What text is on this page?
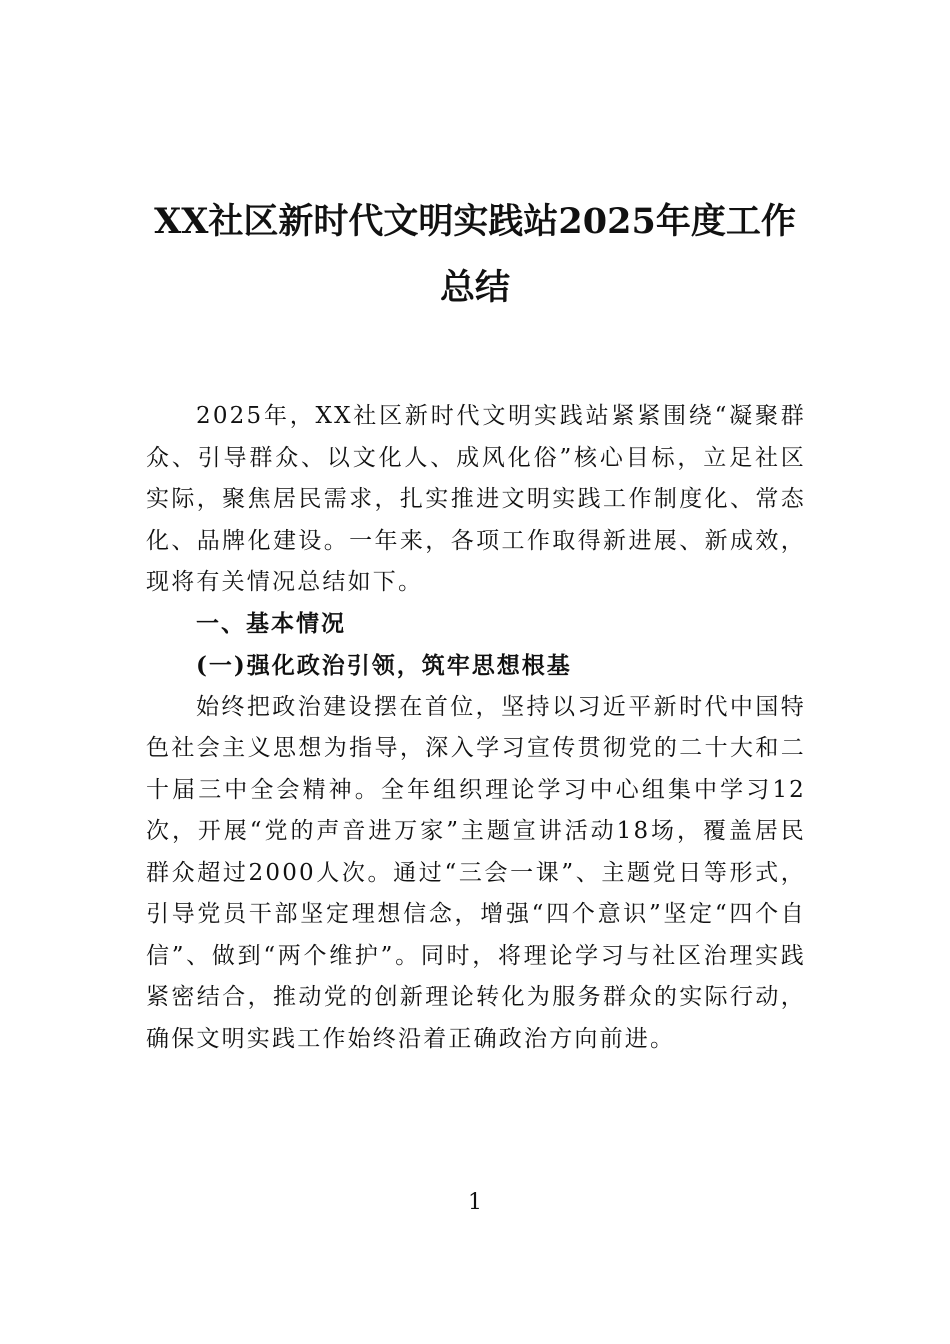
XX社区新时代文明实践站2025年度工作
总结

2025年，XX社区新时代文明实践站紧紧围绕“凝聚群众、引导群众、以文化人、成风化俗”核心目标，立足社区实际，聚焦居民需求，扎实推进文明实践工作制度化、常态化、品牌化建设。一年来，各项工作取得新进展、新成效，现将有关情况总结如下。

一、基本情况

(一)强化政治引领，筑牢思想根基

始终把政治建设摆在首位，坚持以习近平新时代中国特色社会主义思想为指导，深入学习宣传贯彻党的二十大和二十届三中全会精神。全年组织理论学习中心组集中学习12次，开展“党的声音进万家”主题宣讲活动18场，覆盖居民群众超过2000人次。通过“三会一课”、主题党日等形式，引导党员干部坚定理想信念，增强“四个意识”坚定“四个自信”、做到“两个维护”。同时，将理论学习与社区治理实践紧密结合，推动党的创新理论转化为服务群众的实际行动，确保文明实践工作始终沿着正确政治方向前进。

1
